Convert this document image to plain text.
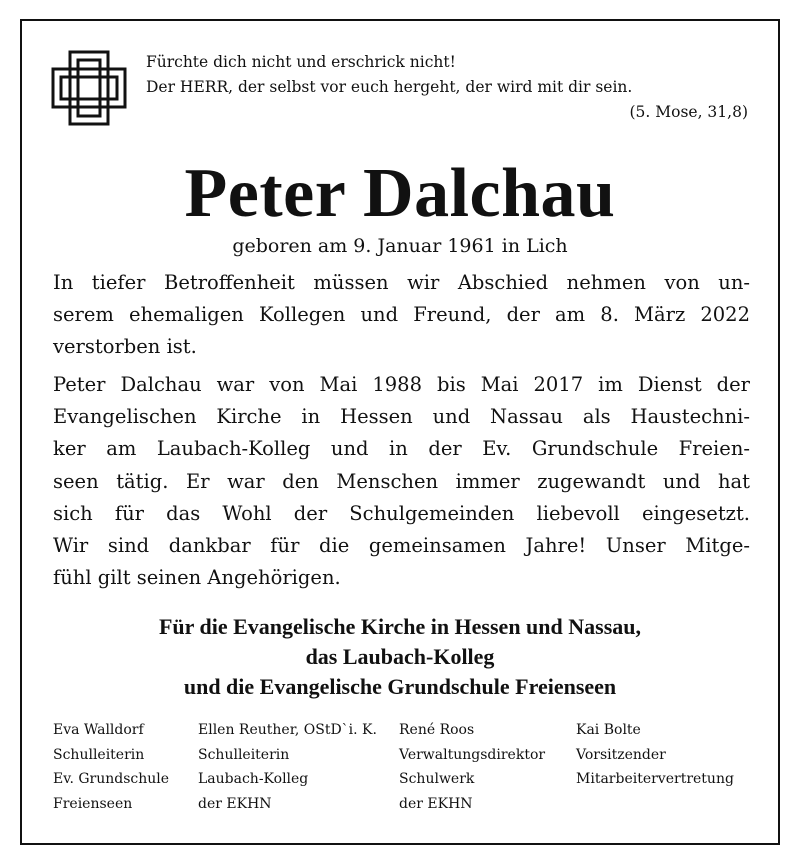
Fürchte dich nicht und erschrick nicht!
Der HERR, der selbst vor euch hergeht, der wird mit dir sein.
(5. Mose, 31,8)
Peter Dalchau
geboren am 9. Januar 1961 in Lich
In tiefer Betroffenheit müssen wir Abschied nehmen von un-
serem ehemaligen Kollegen und Freund, der am 8. März 2022
verstorben ist.
Peter Dalchau war von Mai 1988 bis Mai 2017 im Dienst der
Evangelischen Kirche in Hessen und Nassau als Haustechni-
ker am Laubach-Kolleg und in der Ev. Grundschule Freien-
seen tätig. Er war den Menschen immer zugewandt und hat
sich für das Wohl der Schulgemeinden liebevoll eingesetzt.
Wir sind dankbar für die gemeinsamen Jahre! Unser Mitge-
fühl gilt seinen Angehörigen.
Für die Evangelische Kirche in Hessen und Nassau,
das Laubach-Kolleg
und die Evangelische Grundschule Freienseen
Eva Walldorf
Schulleiterin
Ev. Grundschule
Freienseen
Ellen Reuther, OStD`i. K.
Schulleiterin
Laubach-Kolleg
der EKHN
René Roos
Verwaltungsdirektor
Schulwerk
der EKHN
Kai Bolte
Vorsitzender
Mitarbeitervertretung
